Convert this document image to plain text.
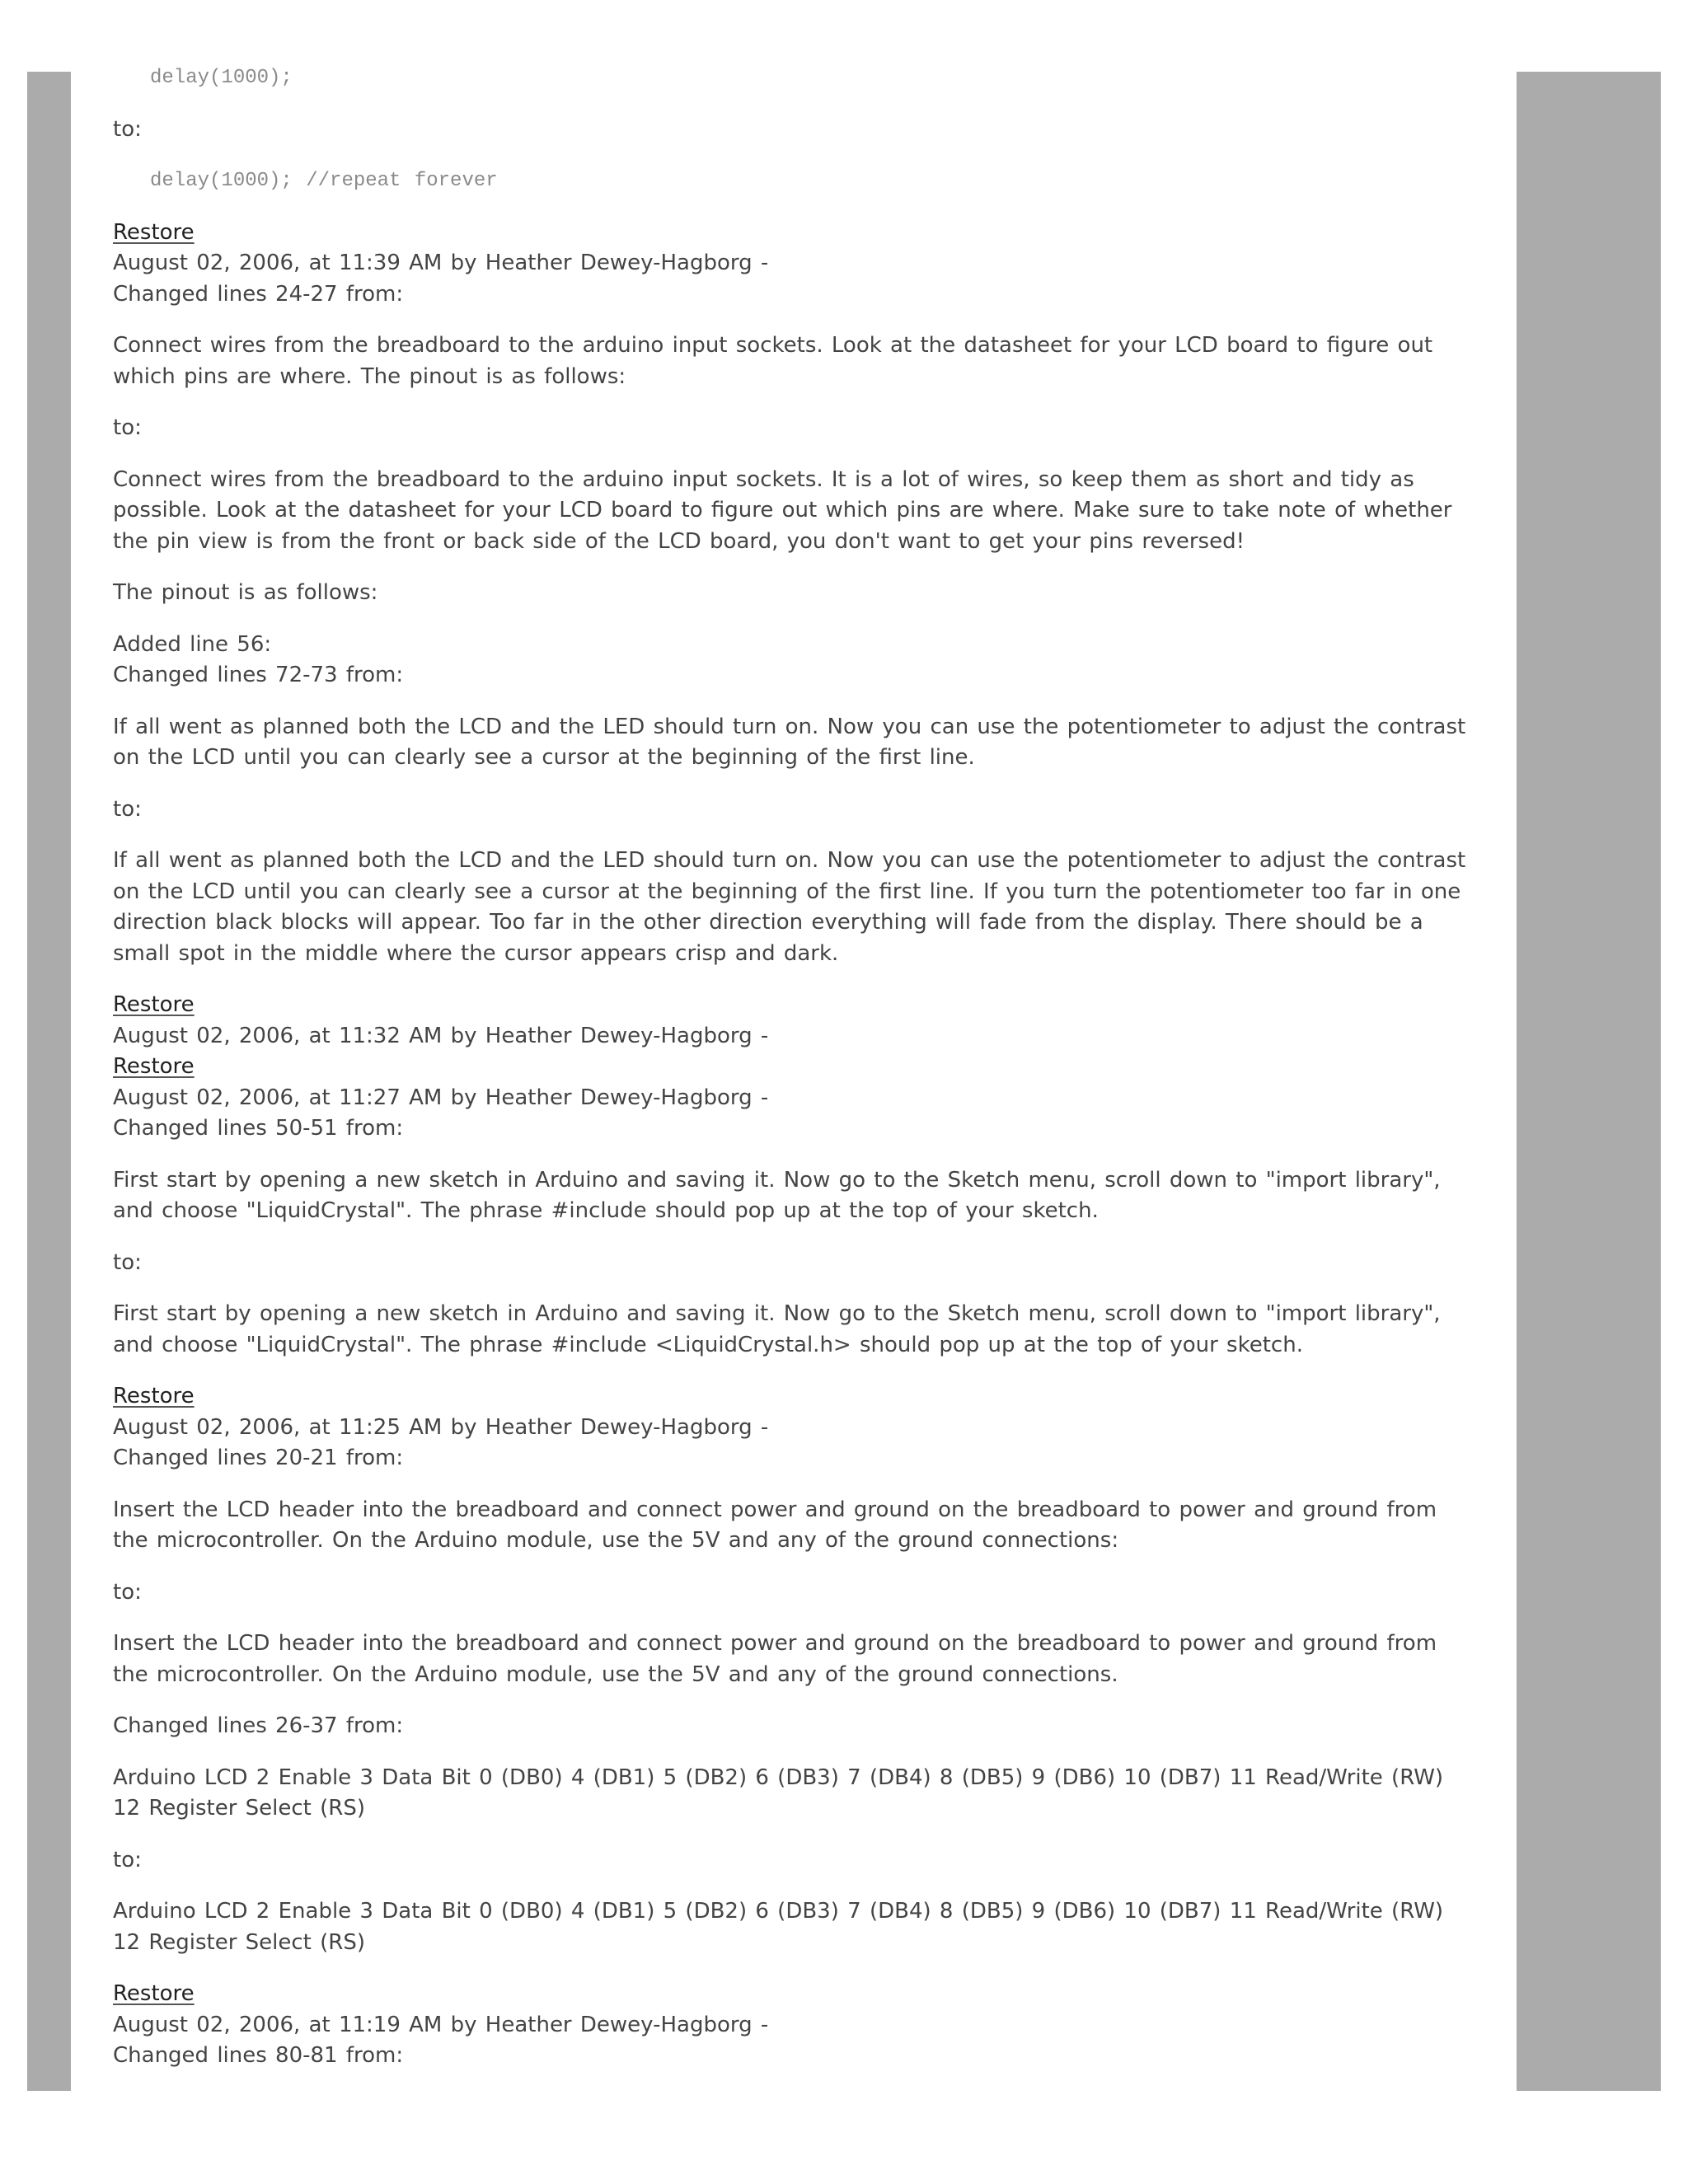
delay(1000);

to:

delay(1000); //repeat forever

Restore

August 02, 2006, at 11:39 AM by Heather Dewey-Hagborg -

Changed lines 24-27 from:

Connect wires from the breadboard to the arduino input sockets. Look at the datasheet for your LCD board to figure out which pins are where. The pinout is as follows:

to:

Connect wires from the breadboard to the arduino input sockets. It is a lot of wires, so keep them as short and tidy as possible. Look at the datasheet for your LCD board to figure out which pins are where. Make sure to take note of whether the pin view is from the front or back side of the LCD board, you don't want to get your pins reversed!

The pinout is as follows:

Added line 56:

Changed lines 72-73 from:

If all went as planned both the LCD and the LED should turn on. Now you can use the potentiometer to adjust the contrast on the LCD until you can clearly see a cursor at the beginning of the first line.

to:

If all went as planned both the LCD and the LED should turn on. Now you can use the potentiometer to adjust the contrast on the LCD until you can clearly see a cursor at the beginning of the first line. If you turn the potentiometer too far in one direction black blocks will appear. Too far in the other direction everything will fade from the display. There should be a small spot in the middle where the cursor appears crisp and dark.

Restore

August 02, 2006, at 11:32 AM by Heather Dewey-Hagborg -

Restore

August 02, 2006, at 11:27 AM by Heather Dewey-Hagborg -

Changed lines 50-51 from:

First start by opening a new sketch in Arduino and saving it. Now go to the Sketch menu, scroll down to "import library", and choose "LiquidCrystal". The phrase #include should pop up at the top of your sketch.

to:

First start by opening a new sketch in Arduino and saving it. Now go to the Sketch menu, scroll down to "import library", and choose "LiquidCrystal". The phrase #include <LiquidCrystal.h> should pop up at the top of your sketch.

Restore

August 02, 2006, at 11:25 AM by Heather Dewey-Hagborg -

Changed lines 20-21 from:

Insert the LCD header into the breadboard and connect power and ground on the breadboard to power and ground from the microcontroller. On the Arduino module, use the 5V and any of the ground connections:

to:

Insert the LCD header into the breadboard and connect power and ground on the breadboard to power and ground from the microcontroller. On the Arduino module, use the 5V and any of the ground connections.

Changed lines 26-37 from:

Arduino LCD 2 Enable 3 Data Bit 0 (DB0) 4 (DB1) 5 (DB2) 6 (DB3) 7 (DB4) 8 (DB5) 9 (DB6) 10 (DB7) 11 Read/Write (RW) 12 Register Select (RS)

to:

Arduino LCD 2 Enable 3 Data Bit 0 (DB0) 4 (DB1) 5 (DB2) 6 (DB3) 7 (DB4) 8 (DB5) 9 (DB6) 10 (DB7) 11 Read/Write (RW) 12 Register Select (RS)

Restore

August 02, 2006, at 11:19 AM by Heather Dewey-Hagborg -

Changed lines 80-81 from:
